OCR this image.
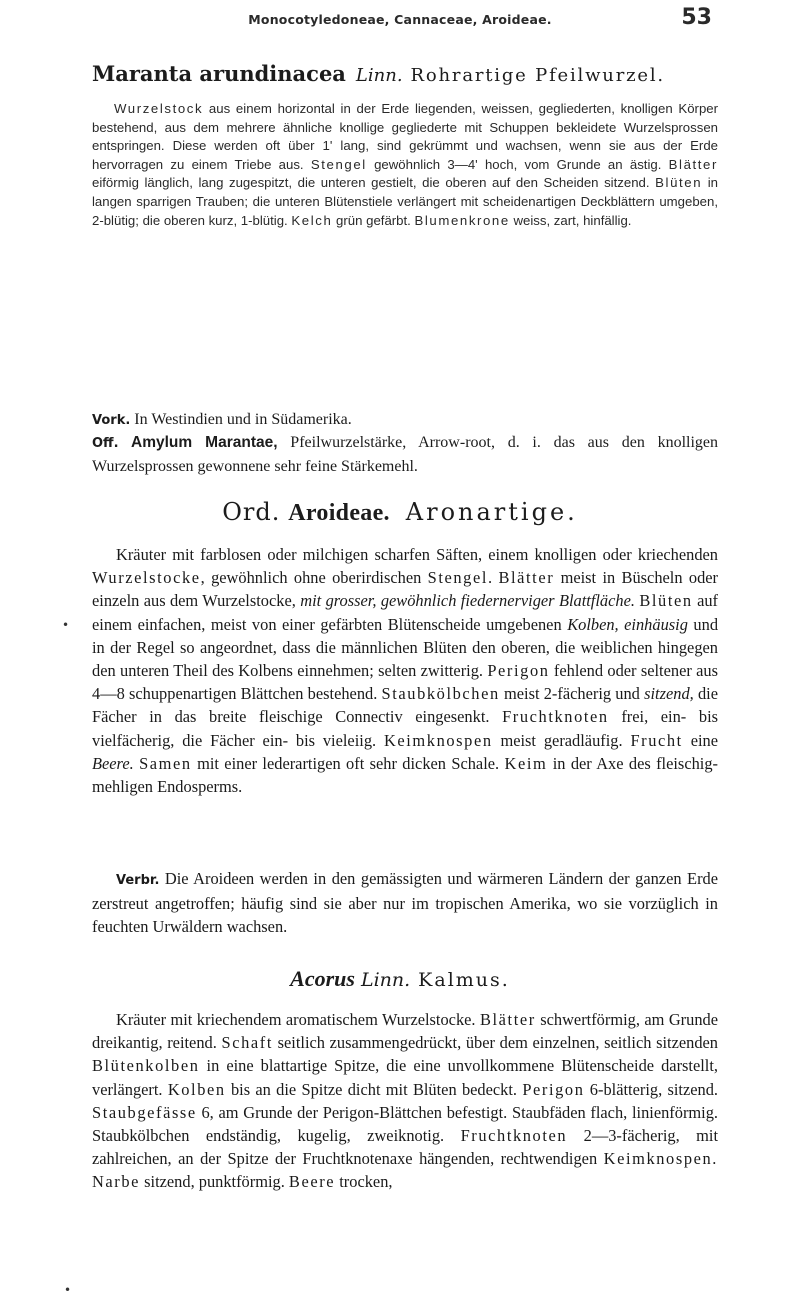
Monocotyledoneae, Cannaceae, Aroideae.	53
Maranta arundinacea Linn. Rohrartige Pfeilwurzel.
Wurzelstock aus einem horizontal in der Erde liegenden, weissen, gegliederten, knolligen Körper bestehend, aus dem mehrere ähnliche knollige gegliederte mit Schuppen bekleidete Wurzelsprossen entspringen. Diese werden oft über 1' lang, sind gekrümmt und wachsen, wenn sie aus der Erde hervorragen zu einem Triebe aus. Stengel gewöhnlich 3—4' hoch, vom Grunde an ästig. Blätter eiförmig länglich, lang zugespitzt, die unteren gestielt, die oberen auf den Scheiden sitzend. Blüten in langen sparrigen Trauben; die unteren Blütenstiele verlängert mit scheidenartigen Deckblättern umgeben, 2-blütig; die oberen kurz, 1-blütig. Kelch grün gefärbt. Blumenkrone weiss, zart, hinfällig.
Vork. In Westindien und in Südamerika.
Off. Amylum Marantae, Pfeilwurzelstärke, Arrow-root, d. i. das aus den knolligen Wurzelsprossen gewonnene sehr feine Stärkemehl.
Ord. Aroideae. Aronartige.
Kräuter mit farblosen oder milchigen scharfen Säften, einem knolligen oder kriechenden Wurzelstocke, gewöhnlich ohne oberirdischen Stengel. Blätter meist in Büscheln oder einzeln aus dem Wurzelstocke, mit grosser, gewöhnlich fiedernerviger Blattfläche. Blüten auf einem einfachen, meist von einer gefärbten Blütenscheide umgebenen Kolben, einhäusig und in der Regel so angeordnet, dass die männlichen Blüten den oberen, die weiblichen hingegen den unteren Theil des Kolbens einnehmen; selten zwitterig. Perigon fehlend oder seltener aus 4—8 schuppenartigen Blättchen bestehend. Staubkölbchen meist 2-fächerig und sitzend, die Fächer in das breite fleischige Connectiv eingesenkt. Fruchtknoten frei, ein- bis vielfächerig, die Fächer ein- bis vieleiig. Keimknospen meist geradläufig. Frucht eine Beere. Samen mit einer lederartigen oft sehr dicken Schale. Keim in der Axe des fleischig-mehligen Endosperms.
Verbr. Die Aroideen werden in den gemässigten und wärmeren Ländern der ganzen Erde zerstreut angetroffen; häufig sind sie aber nur im tropischen Amerika, wo sie vorzüglich in feuchten Urwäldern wachsen.
Acorus Linn. Kalmus.
Kräuter mit kriechendem aromatischem Wurzelstocke. Blätter schwertförmig, am Grunde dreikantig, reitend. Schaft seitlich zusammengedrückt, über dem einzelnen, seitlich sitzenden Blütenkolben in eine blattartige Spitze, die eine unvollkommene Blütenscheide darstellt, verlängert. Kolben bis an die Spitze dicht mit Blüten bedeckt. Perigon 6-blätterig, sitzend. Staubgefässe 6, am Grunde der Perigon-Blättchen befestigt. Staubfäden flach, linienförmig. Staubkölbchen endständig, kugelig, zweiknotig. Fruchtknoten 2—3-fächerig, mit zahlreichen, an der Spitze der Fruchtknotenaxe hängenden, rechtwendigen Keimknospen. Narbe sitzend, punktförmig. Beere trocken,
•
•
